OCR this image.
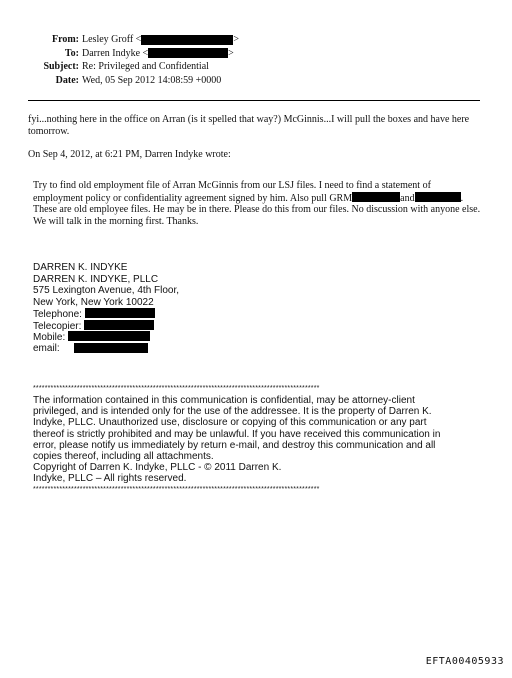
From: Lesley Groff <	>
To: Darren Indyke <	>
Subject: Re: Privileged and Confidential
Date: Wed, 05 Sep 2012 14:08:59 +0000

fyi...nothing here in the office on Arran (is it spelled that way?) McGinnis...I will pull the boxes and have here tomorrow.

On Sep 4, 2012, at 6:21 PM, Darren Indyke wrote:

Try to find old employment file of Arran McGinnis from our LSJ files. I need to find a statement of employment policy or confidentiality agreement signed by him. Also pull GRM	and	.
These are old employee files. He may be in there. Please do this from our files. No discussion with anyone else. We will talk in the morning first. Thanks.
DARREN K. INDYKE
DARREN K. INDYKE, PLLC
575 Lexington Avenue, 4th Floor,
New York, New York 10022
Telephone:
Telecopier:
Mobile:
email:
**************************************************************************************************
The information contained in this communication is confidential, may be attorney-client privileged, and is intended only for the use of the addressee. It is the property of Darren K. Indyke, PLLC. Unauthorized use, disclosure or copying of this communication or any part thereof is strictly prohibited and may be unlawful. If you have received this communication in error, please notify us immediately by return e-mail, and destroy this communication and all copies thereof, including all attachments.
Copyright of Darren K. Indyke, PLLC - © 2011 Darren K.
Indyke, PLLC – All rights reserved.
**************************************************************************************************
EFTA00405933
